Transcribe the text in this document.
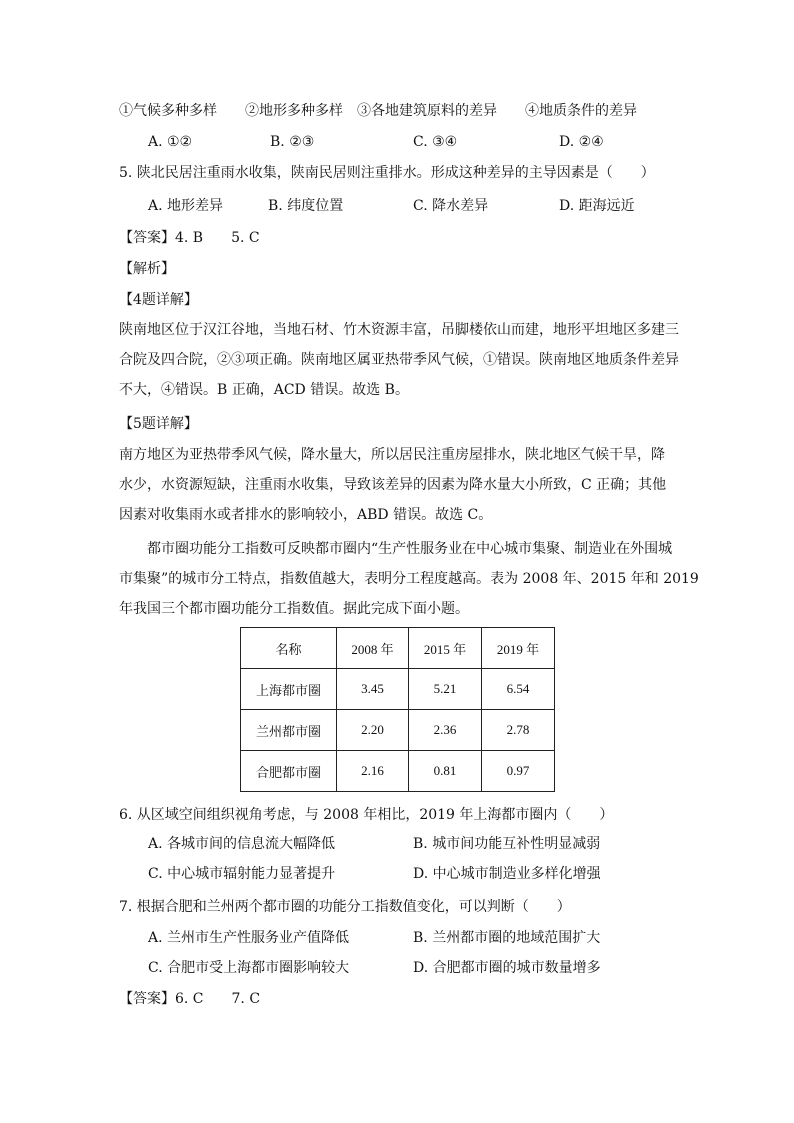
①气候多种多样　　②地形多种多样　③各地建筑原料的差异　　④地质条件的差异
A. ①②	B. ②③	C. ③④	D. ②④
5. 陕北民居注重雨水收集，陕南民居则注重排水。形成这种差异的主导因素是（　　）
A. 地形差异	B. 纬度位置	C. 降水差异	D. 距海远近
【答案】4. B　　5. C
【解析】
【4题详解】
陕南地区位于汉江谷地，当地石材、竹木资源丰富，吊脚楼依山而建，地形平坦地区多建三
合院及四合院，②③项正确。陕南地区属亚热带季风气候，①错误。陕南地区地质条件差异
不大，④错误。B 正确，ACD 错误。故选 B。
【5题详解】
南方地区为亚热带季风气候，降水量大，所以居民注重房屋排水，陕北地区气候干旱，降
水少，水资源短缺，注重雨水收集，导致该差异的因素为降水量大小所致，C 正确；其他
因素对收集雨水或者排水的影响较小，ABD 错误。故选 C。
　　都市圈功能分工指数可反映都市圈内“生产性服务业在中心城市集聚、制造业在外围城
市集聚”的城市分工特点，指数值越大，表明分工程度越高。表为 2008 年、2015 年和 2019
年我国三个都市圈功能分工指数值。据此完成下面小题。
名称	2008 年	2015 年	2019 年
上海都市圈	3.45	5.21	6.54
兰州都市圈	2.20	2.36	2.78
合肥都市圈	2.16	0.81	0.97
6. 从区域空间组织视角考虑，与 2008 年相比，2019 年上海都市圈内（　　）
A. 各城市间的信息流大幅降低	B. 城市间功能互补性明显减弱
C. 中心城市辐射能力显著提升	D. 中心城市制造业多样化增强
7. 根据合肥和兰州两个都市圈的功能分工指数值变化，可以判断（　　）
A. 兰州市生产性服务业产值降低	B. 兰州都市圈的地域范围扩大
C. 合肥市受上海都市圈影响较大	D. 合肥都市圈的城市数量增多
【答案】6. C　　7. C
